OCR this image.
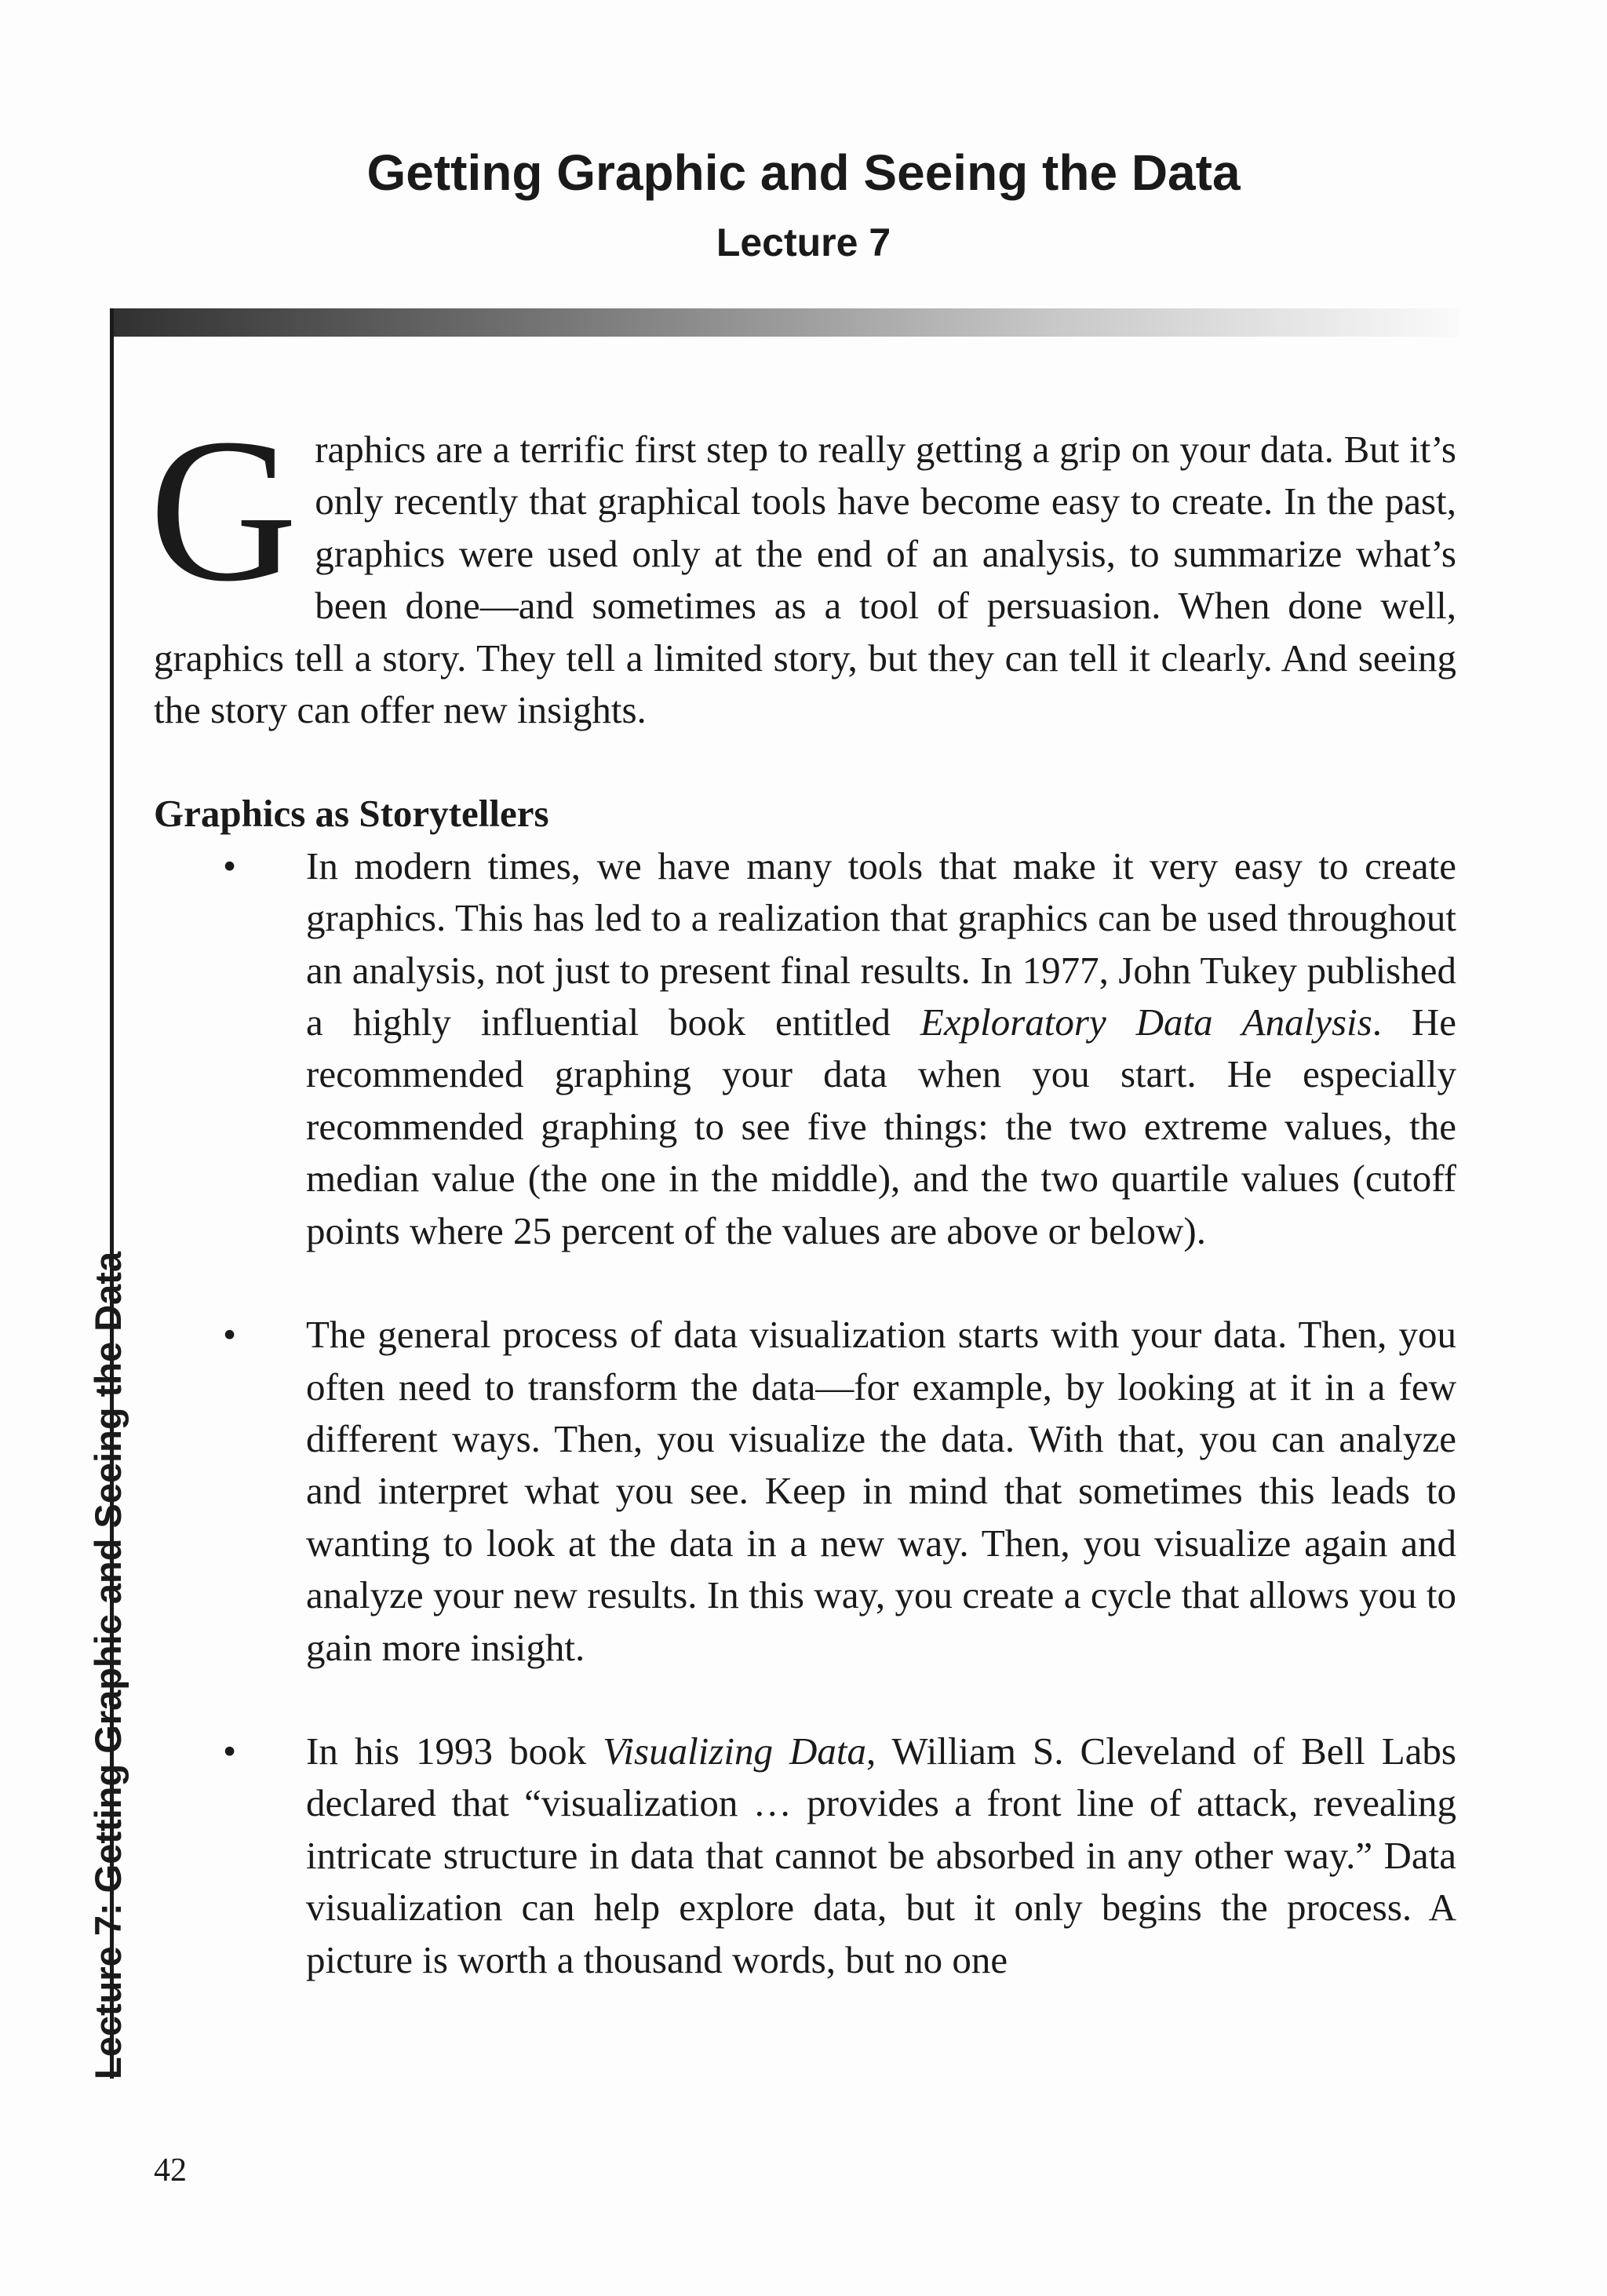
Getting Graphic and Seeing the Data
Lecture 7
Lecture 7: Getting Graphic and Seeing the Data

Graphics are a terrific first step to really getting a grip on your data. But it’s only recently that graphical tools have become easy to create. In the past, graphics were used only at the end of an analysis, to summarize what’s been done—and sometimes as a tool of persuasion. When done well, graphics tell a story. They tell a limited story, but they can tell it clearly. And seeing the story can offer new insights.

Graphics as Storytellers

• In modern times, we have many tools that make it very easy to create graphics. This has led to a realization that graphics can be used throughout an analysis, not just to present final results. In 1977, John Tukey published a highly influential book entitled Exploratory Data Analysis. He recommended graphing your data when you start. He especially recommended graphing to see five things: the two extreme values, the median value (the one in the middle), and the two quartile values (cutoff points where 25 percent of the values are above or below).
• The general process of data visualization starts with your data. Then, you often need to transform the data—for example, by looking at it in a few different ways. Then, you visualize the data. With that, you can analyze and interpret what you see. Keep in mind that sometimes this leads to wanting to look at the data in a new way. Then, you visualize again and analyze your new results. In this way, you create a cycle that allows you to gain more insight.
• In his 1993 book Visualizing Data, William S. Cleveland of Bell Labs declared that “visualization … provides a front line of attack, revealing intricate structure in data that cannot be absorbed in any other way.” Data visualization can help explore data, but it only begins the process. A picture is worth a thousand words, but no one
42
